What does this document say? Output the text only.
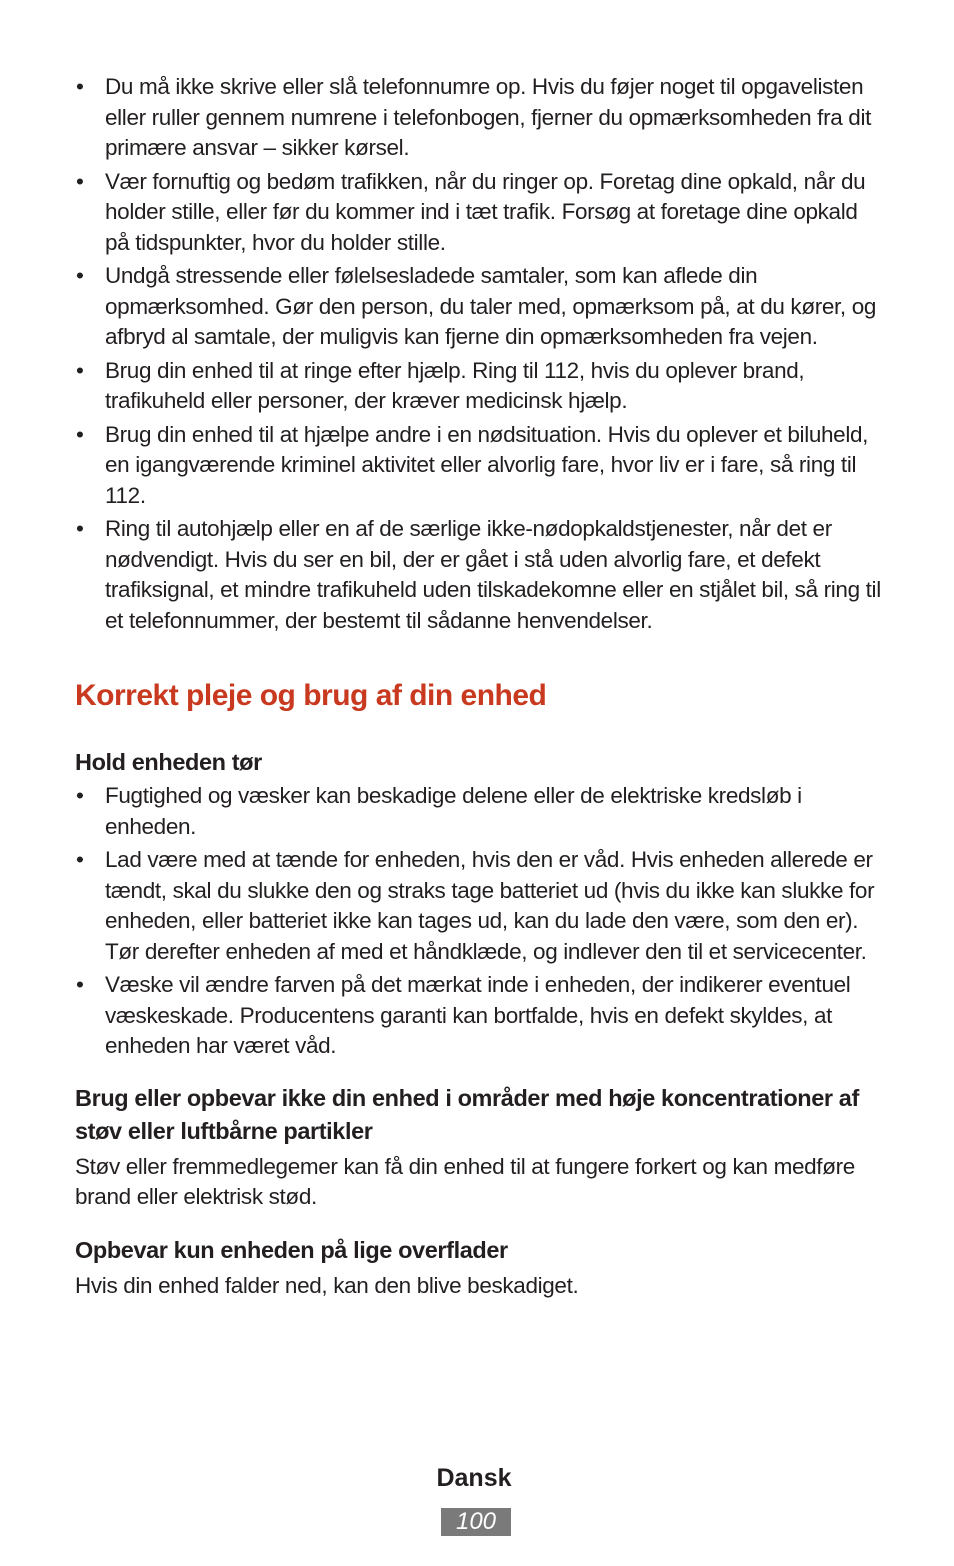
• Du må ikke skrive eller slå telefonnumre op. Hvis du føjer noget til opgavelisten eller ruller gennem numrene i telefonbogen, fjerner du opmærksomheden fra dit primære ansvar – sikker kørsel.
• Vær fornuftig og bedøm trafikken, når du ringer op. Foretag dine opkald, når du holder stille, eller før du kommer ind i tæt trafik. Forsøg at foretage dine opkald på tidspunkter, hvor du holder stille.
• Undgå stressende eller følelsesladede samtaler, som kan aflede din opmærksomhed. Gør den person, du taler med, opmærksom på, at du kører, og afbryd al samtale, der muligvis kan fjerne din opmærksomheden fra vejen.
• Brug din enhed til at ringe efter hjælp. Ring til 112, hvis du oplever brand, trafikuheld eller personer, der kræver medicinsk hjælp.
• Brug din enhed til at hjælpe andre i en nødsituation. Hvis du oplever et biluheld, en igangværende kriminel aktivitet eller alvorlig fare, hvor liv er i fare, så ring til 112.
• Ring til autohjælp eller en af de særlige ikke-nødopkaldstjenester, når det er nødvendigt. Hvis du ser en bil, der er gået i stå uden alvorlig fare, et defekt trafiksignal, et mindre trafikuheld uden tilskadekomne eller en stjålet bil, så ring til et telefonnummer, der bestemt til sådanne henvendelser.
Korrekt pleje og brug af din enhed
Hold enheden tør
• Fugtighed og væsker kan beskadige delene eller de elektriske kredsløb i enheden.
• Lad være med at tænde for enheden, hvis den er våd. Hvis enheden allerede er tændt, skal du slukke den og straks tage batteriet ud (hvis du ikke kan slukke for enheden, eller batteriet ikke kan tages ud, kan du lade den være, som den er). Tør derefter enheden af med et håndklæde, og indlever den til et servicecenter.
• Væske vil ændre farven på det mærkat inde i enheden, der indikerer eventuel væskeskade. Producentens garanti kan bortfalde, hvis en defekt skyldes, at enheden har været våd.
Brug eller opbevar ikke din enhed i områder med høje koncentrationer af støv eller luftbårne partikler

Støv eller fremmedlegemer kan få din enhed til at fungere forkert og kan medføre brand eller elektrisk stød.

Opbevar kun enheden på lige overflader

Hvis din enhed falder ned, kan den blive beskadiget.

Dansk
100
